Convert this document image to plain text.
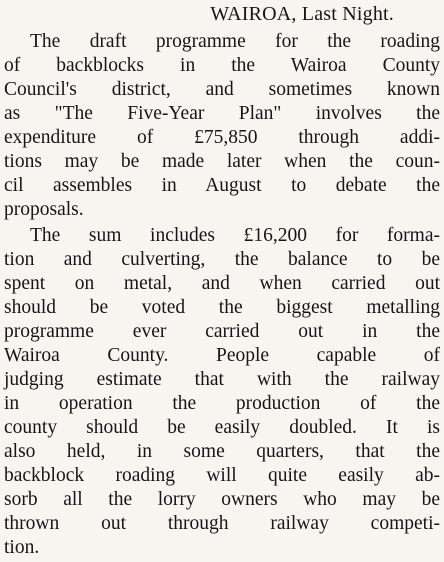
WAIROA, Last Night.
The draft programme for the roading
of backblocks in the Wairoa County
Council's district, and sometimes known
as "The Five-Year Plan" involves the
expenditure of £75,850 through addi-
tions may be made later when the coun-
cil assembles in August to debate the
proposals.
The sum includes £16,200 for forma-
tion and culverting, the balance to be
spent on metal, and when carried out
should be voted the biggest metalling
programme ever carried out in the
Wairoa County. People capable of
judging estimate that with the railway
in operation the production of the
county should be easily doubled. It is
also held, in some quarters, that the
backblock roading will quite easily ab-
sorb all the lorry owners who may be
thrown out through railway competi-
tion.
